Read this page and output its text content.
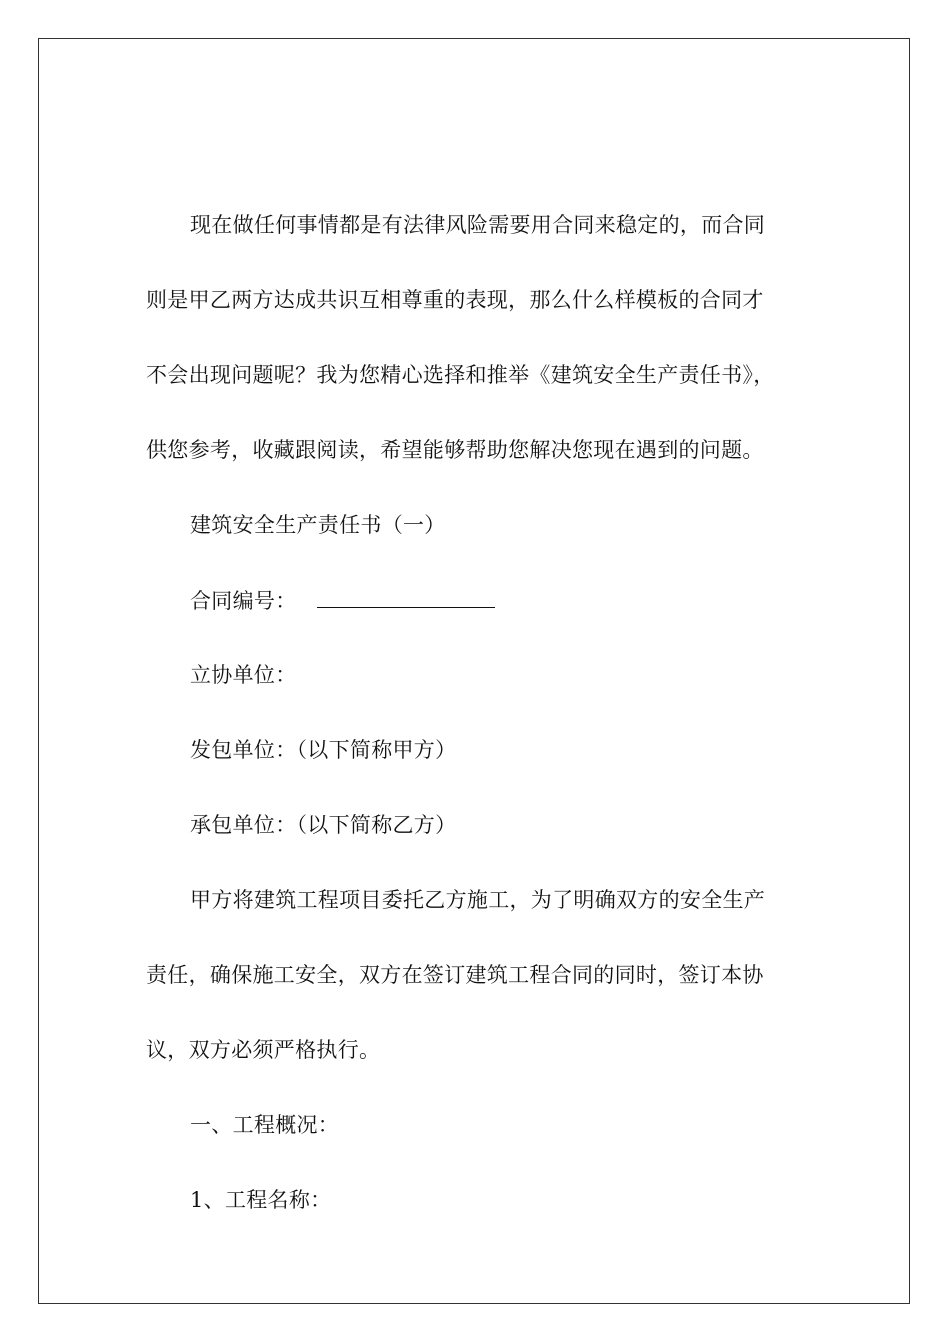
现在做任何事情都是有法律风险需要用合同来稳定的，而合同
则是甲乙两方达成共识互相尊重的表现，那么什么样模板的合同才
不会出现问题呢？我为您精心选择和推举《建筑安全生产责任书》，
供您参考，收藏跟阅读，希望能够帮助您解决您现在遇到的问题。
建筑安全生产责任书（一）
合同编号：
立协单位：
发包单位：（以下简称甲方）
承包单位：（以下简称乙方）
甲方将建筑工程项目委托乙方施工，为了明确双方的安全生产
责任，确保施工安全，双方在签订建筑工程合同的同时，签订本协
议，双方必须严格执行。
一、工程概况：
1、工程名称：
